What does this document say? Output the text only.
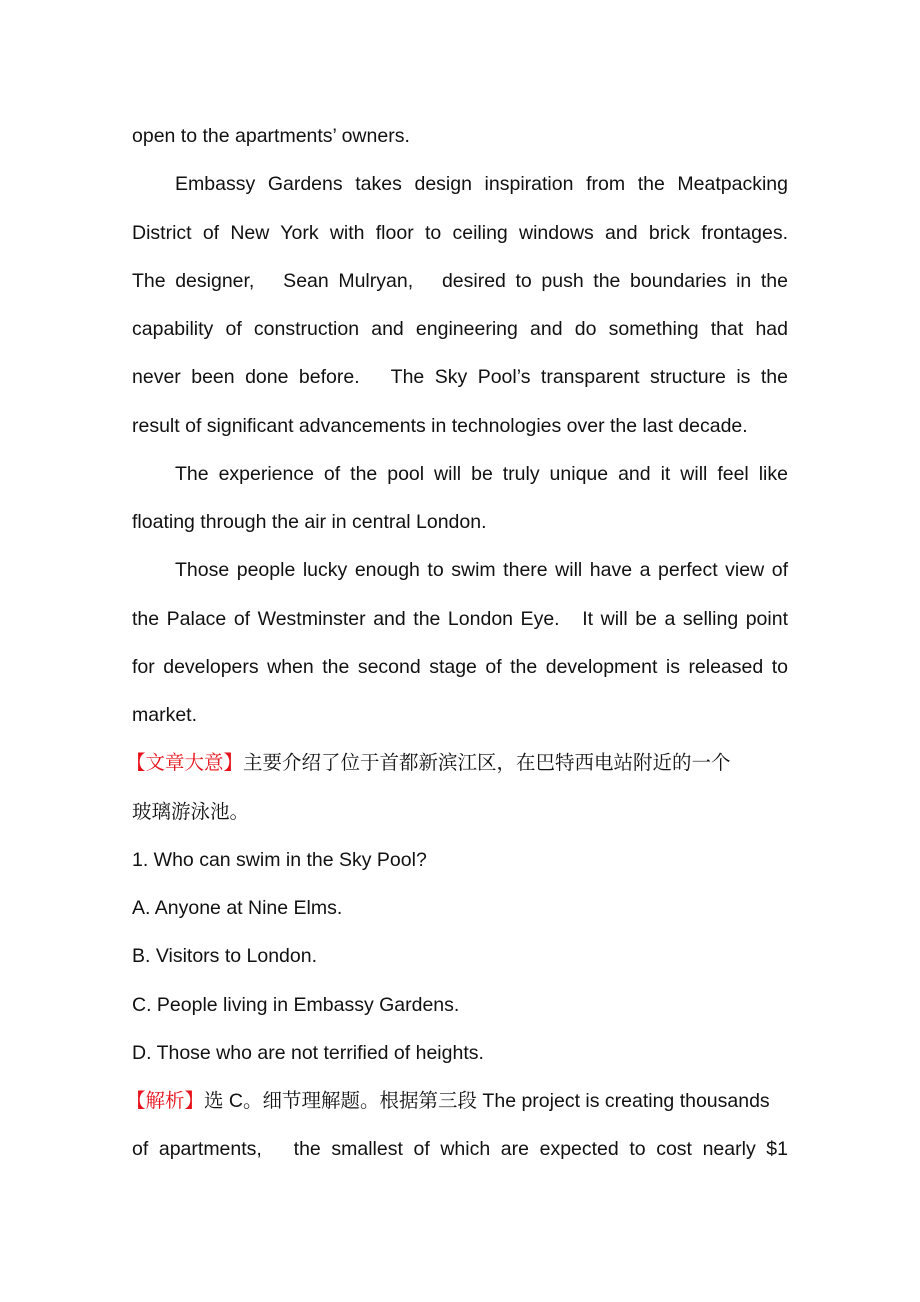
open to the apartments’ owners.
Embassy Gardens takes design inspiration from the Meatpacking
District of New York with floor to ceiling windows and brick frontages.
The designer,   Sean Mulryan,   desired to push the boundaries in the
capability of construction and engineering and do something that had
never been done before.   The Sky Pool’s transparent structure is the
result of significant advancements in technologies over the last decade.
The experience of the pool will be truly unique and it will feel like
floating through the air in central London.
Those people lucky enough to swim there will have a perfect view of
the Palace of Westminster and the London Eye.   It will be a selling point
for developers when the second stage of the development is released to
market.
【文章大意】主要介绍了位于首都新滨江区，在巴特西电站附近的一个
玻璃游泳池。
1. Who can swim in the Sky Pool?
A. Anyone at Nine Elms.
B. Visitors to London.
C. People living in Embassy Gardens.
D. Those who are not terrified of heights.
【解析】选 C。细节理解题。根据第三段 The project is creating thousands
of apartments,   the smallest of which are expected to cost nearly $1
